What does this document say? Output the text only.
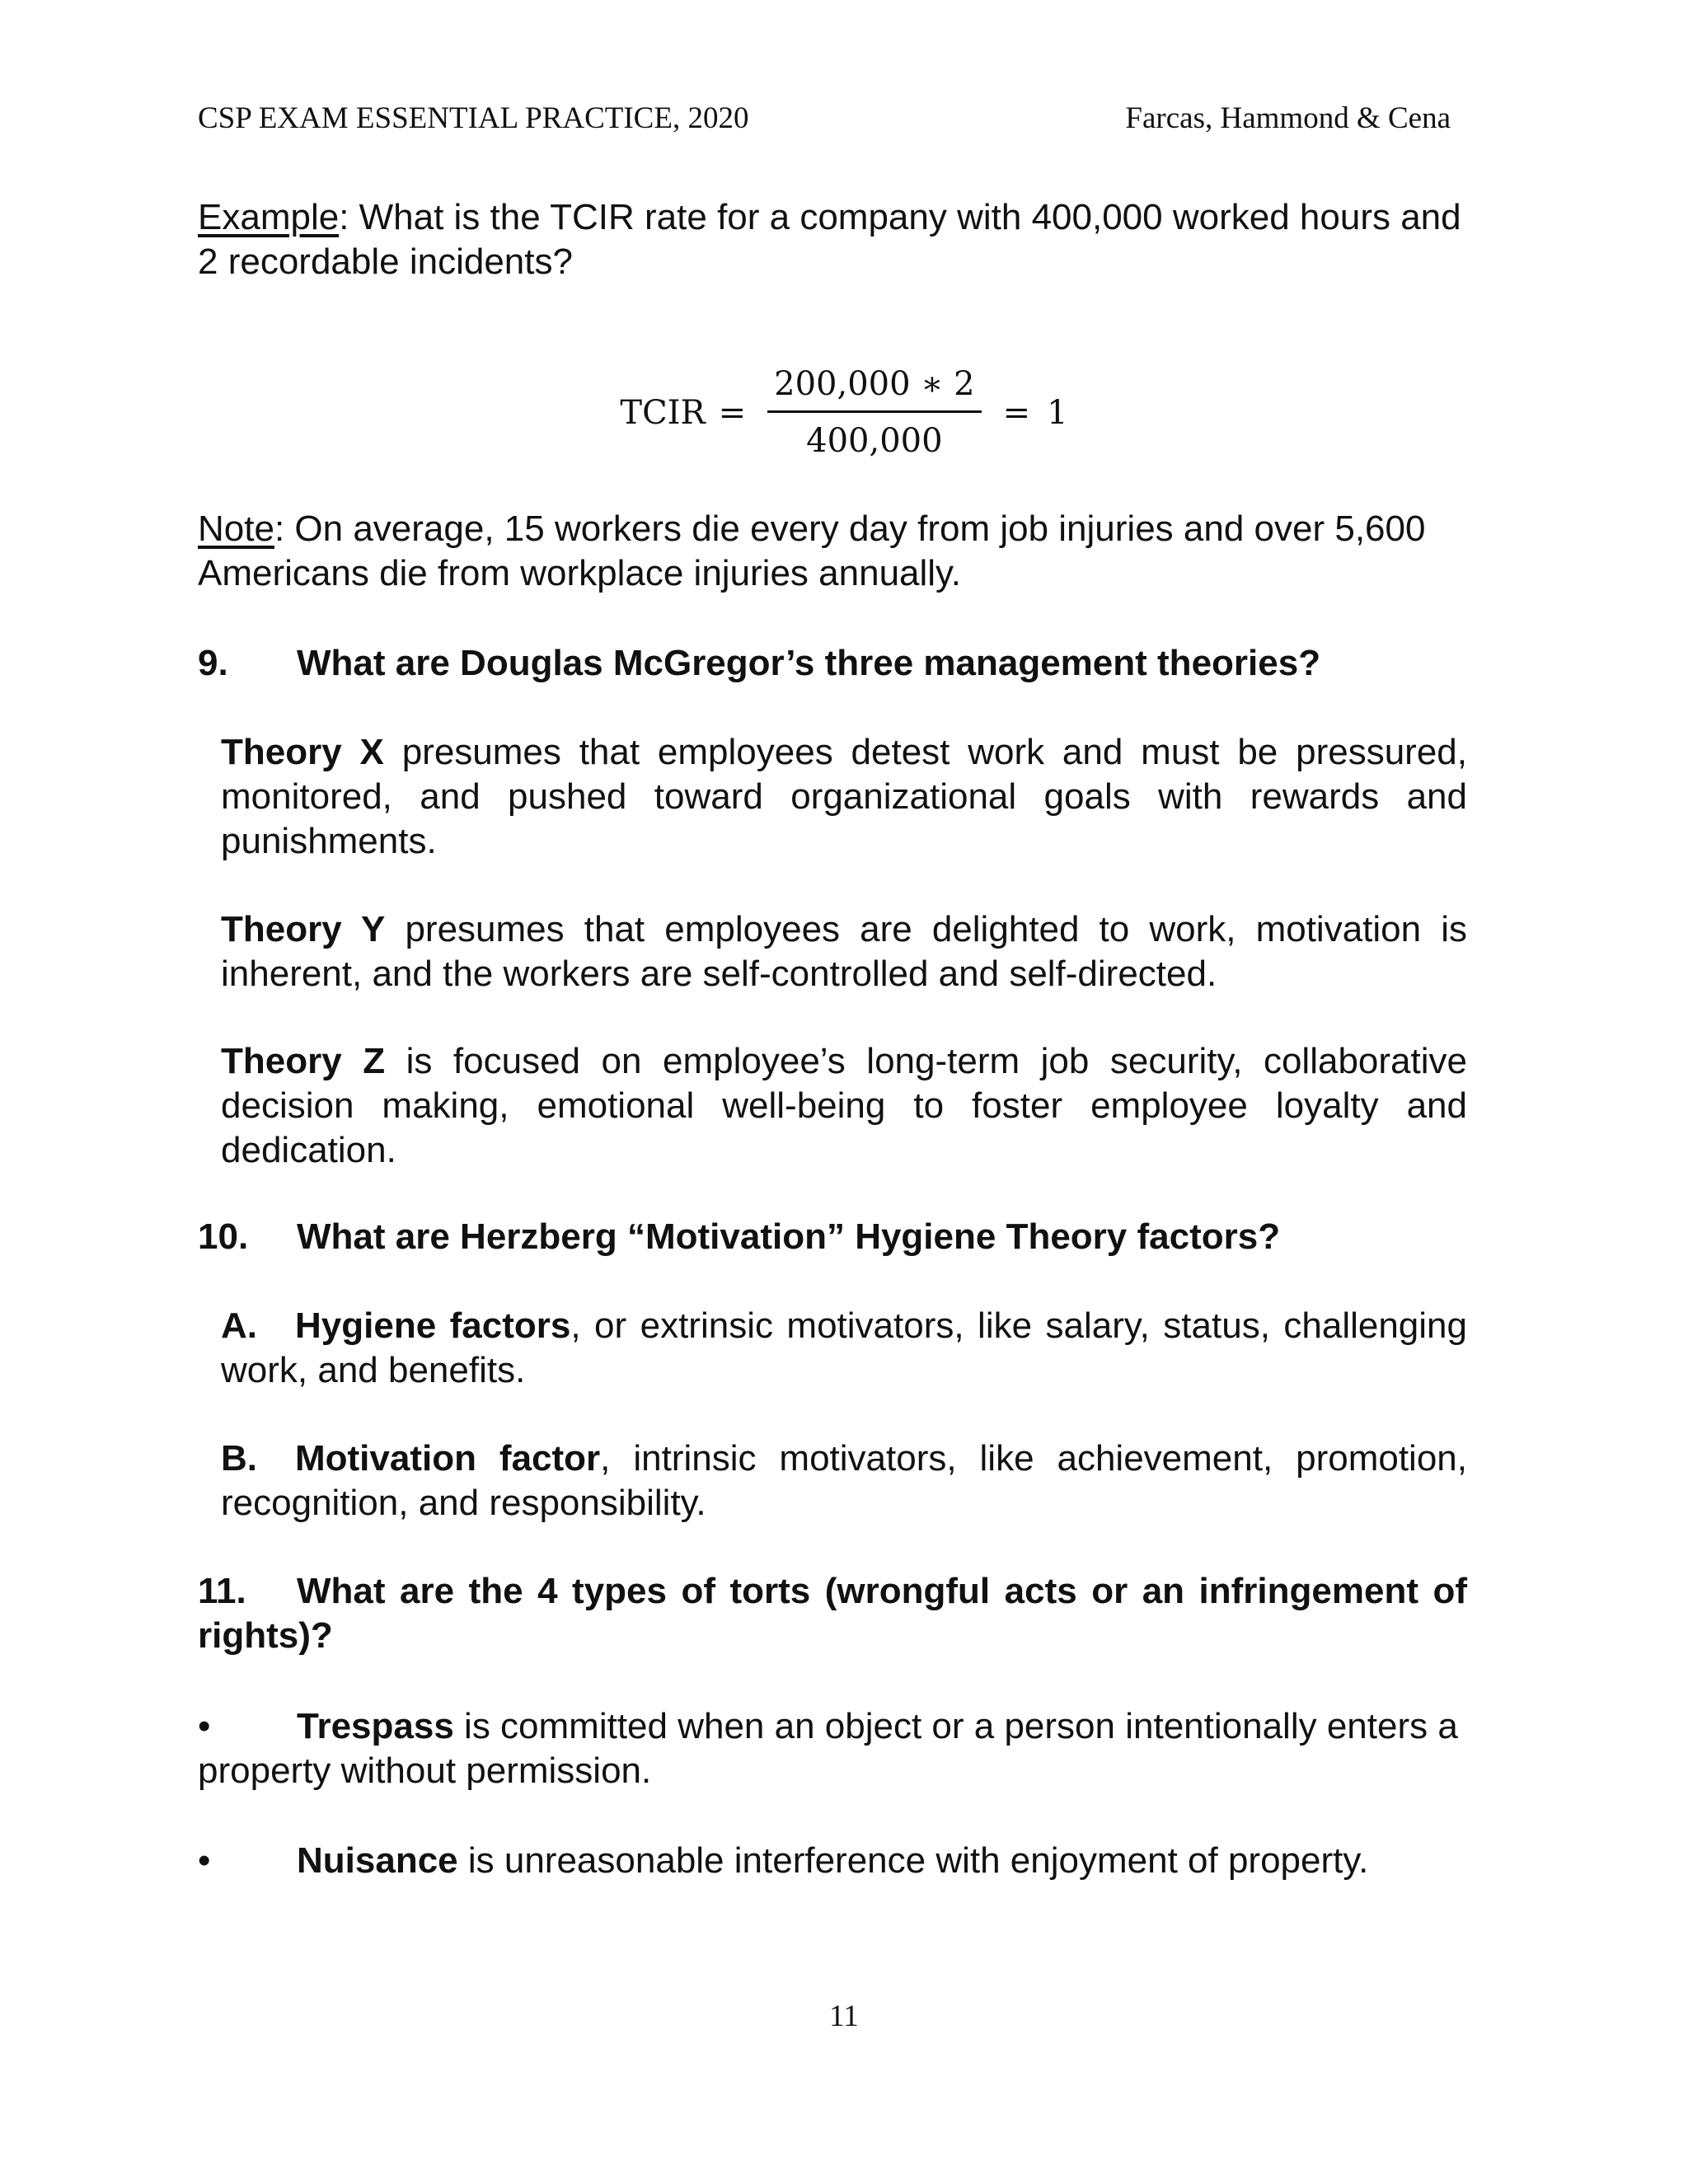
CSP EXAM ESSENTIAL PRACTICE, 2020	Farcas, Hammond & Cena
Example: What is the TCIR rate for a company with 400,000 worked hours and 2 recordable incidents?
TCIR = $\frac{200,000 ∗ 2}{400,000} = 1$
Note: On average, 15 workers die every day from job injuries and over 5,600 Americans die from workplace injuries annually.
9. What are Douglas McGregor’s three management theories?
Theory X presumes that employees detest work and must be pressured, monitored, and pushed toward organizational goals with rewards and punishments.
Theory Y presumes that employees are delighted to work, motivation is inherent, and the workers are self-controlled and self-directed.
Theory Z is focused on employee’s long-term job security, collaborative decision making, emotional well-being to foster employee loyalty and dedication.
10. What are Herzberg “Motivation” Hygiene Theory factors?
A. Hygiene factors, or extrinsic motivators, like salary, status, challenging work, and benefits.
B. Motivation factor, intrinsic motivators, like achievement, promotion, recognition, and responsibility.
11. What are the 4 types of torts (wrongful acts or an infringement of rights)?
• Trespass is committed when an object or a person intentionally enters a property without permission.
• Nuisance is unreasonable interference with enjoyment of property.
11
